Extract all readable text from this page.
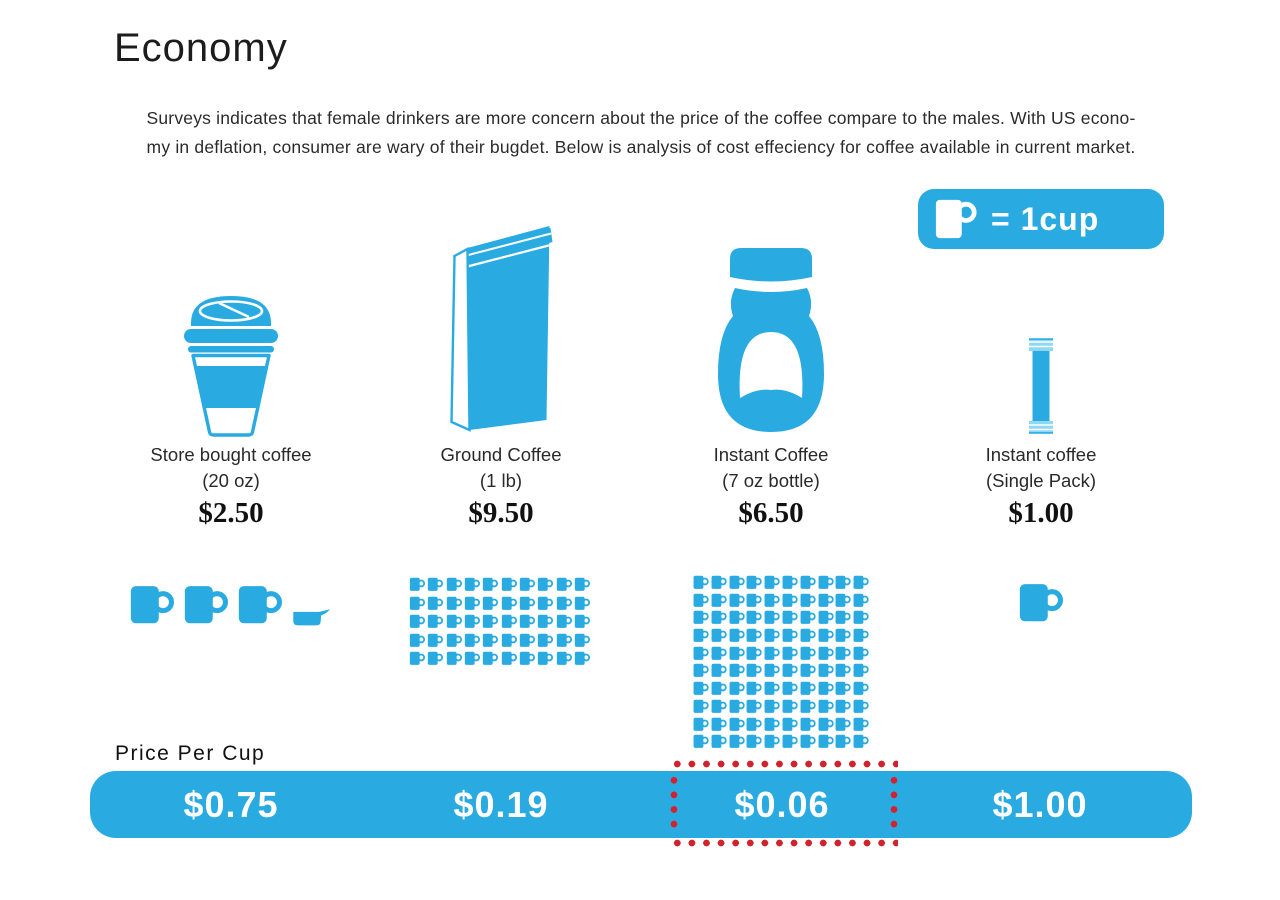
Economy

Surveys indicates that female drinkers are more concern about the price of the coffee compare to the males. With US econo-
my in deflation, consumer are wary of their bugdet. Below is analysis of cost effeciency for coffee available in current market.

= 1cup
Store bought coffee
(20 oz)
$2.50
Ground Coffee
(1 lb)
$9.50
Instant Coffee
(7 oz bottle)
$6.50
Instant coffee
(Single Pack)
$1.00
Price Per Cup
$0.75	$0.19	$0.06	$1.00
